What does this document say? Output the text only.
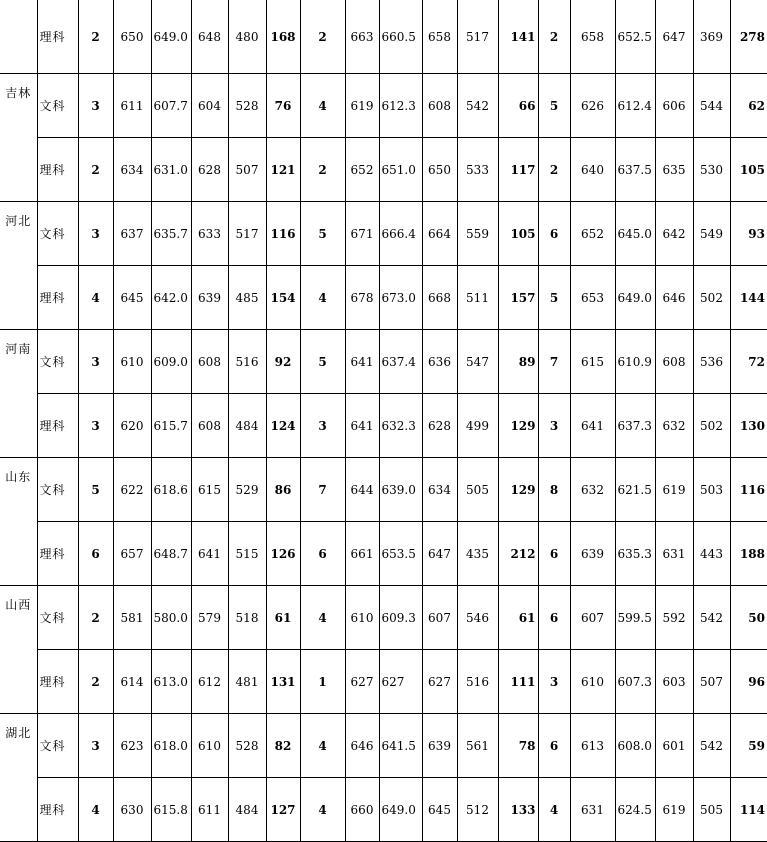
	理科	2	650	649.0	648	480	168	2	663	660.5	658	517	141	2	658	652.5	647	369	278
吉林	文科	3	611	607.7	604	528	76	4	619	612.3	608	542	66	5	626	612.4	606	544	62
	理科	2	634	631.0	628	507	121	2	652	651.0	650	533	117	2	640	637.5	635	530	105
河北	文科	3	637	635.7	633	517	116	5	671	666.4	664	559	105	6	652	645.0	642	549	93
	理科	4	645	642.0	639	485	154	4	678	673.0	668	511	157	5	653	649.0	646	502	144
河南	文科	3	610	609.0	608	516	92	5	641	637.4	636	547	89	7	615	610.9	608	536	72
	理科	3	620	615.7	608	484	124	3	641	632.3	628	499	129	3	641	637.3	632	502	130
山东	文科	5	622	618.6	615	529	86	7	644	639.0	634	505	129	8	632	621.5	619	503	116
	理科	6	657	648.7	641	515	126	6	661	653.5	647	435	212	6	639	635.3	631	443	188
山西	文科	2	581	580.0	579	518	61	4	610	609.3	607	546	61	6	607	599.5	592	542	50
	理科	2	614	613.0	612	481	131	1	627	627	627	516	111	3	610	607.3	603	507	96
湖北	文科	3	623	618.0	610	528	82	4	646	641.5	639	561	78	6	613	608.0	601	542	59
	理科	4	630	615.8	611	484	127	4	660	649.0	645	512	133	4	631	624.5	619	505	114
